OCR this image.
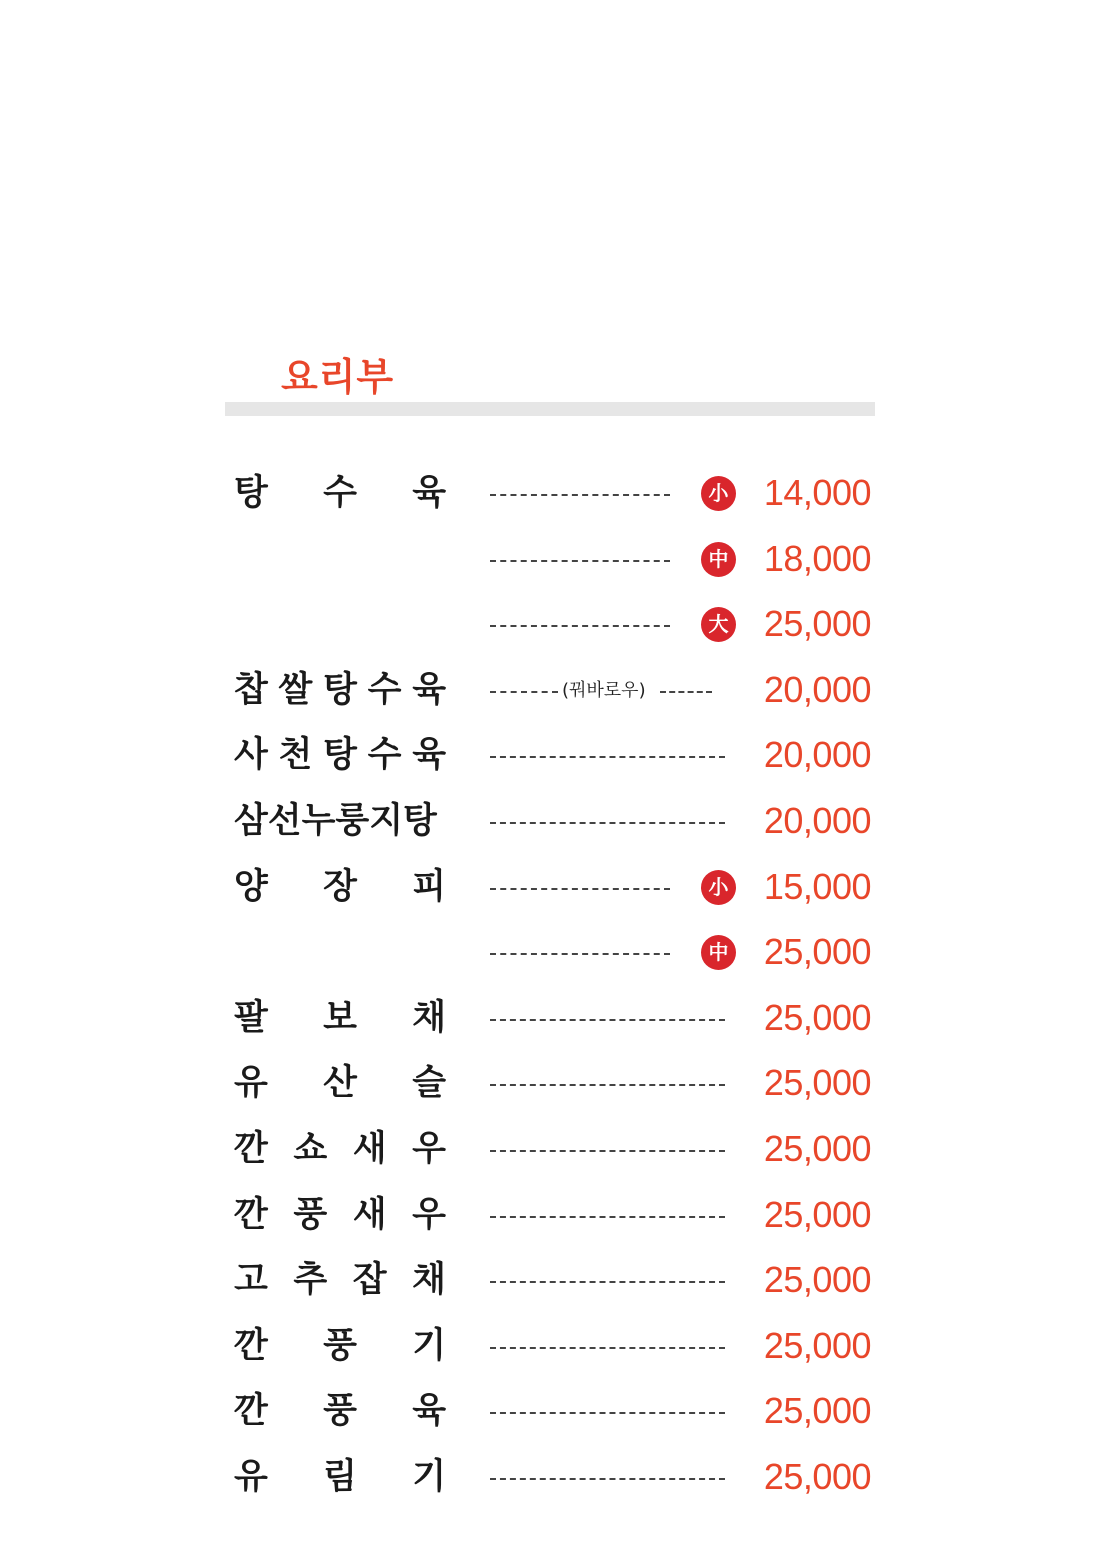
요리부
탕 수 육	小 14,000
中 18,000
大 25,000
찹 쌀 탕 수 육	(꿔바로우)	20,000
사 천 탕 수 육	20,000
삼선누룽지탕	20,000
양 장 피	小 15,000
中 25,000
팔 보 채	25,000
유 산 슬	25,000
깐 쇼 새 우	25,000
깐 풍 새 우	25,000
고 추 잡 채	25,000
깐 풍 기	25,000
깐 풍 육	25,000
유 림 기	25,000
